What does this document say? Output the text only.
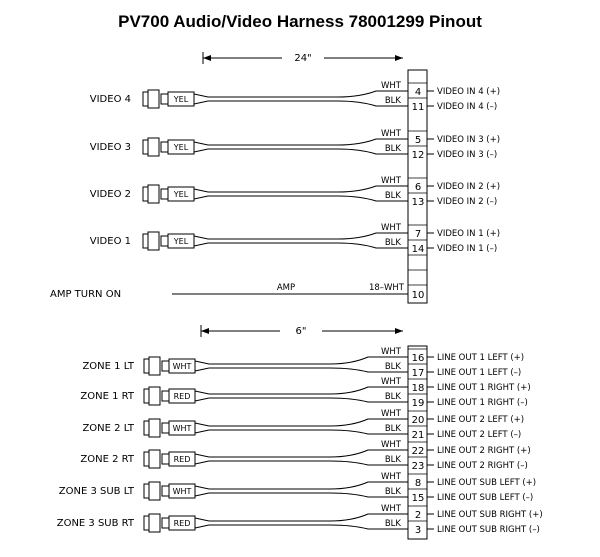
PV700 Audio/Video Harness 78001299 Pinout
24"
6"
VIDEO 4	YEL
WHT
BLK
4
11
VIDEO IN 4 (+)
VIDEO IN 4 (–)
VIDEO 3	YEL
WHT
BLK
5
12
VIDEO IN 3 (+)
VIDEO IN 3 (–)
VIDEO 2	YEL
WHT
BLK
6
13
VIDEO IN 2 (+)
VIDEO IN 2 (–)
VIDEO 1	YEL
WHT
BLK
7
14
VIDEO IN 1 (+)
VIDEO IN 1 (–)
AMP TURN ON
AMP	18–WHT
10
ZONE 1 LT	WHT
WHT
BLK
16
17
LINE OUT 1 LEFT (+)
LINE OUT 1 LEFT (–)
ZONE 1 RT	RED
WHT
BLK
18
19
LINE OUT 1 RIGHT (+)
LINE OUT 1 RIGHT (–)
ZONE 2 LT	WHT
WHT
BLK
20
21
LINE OUT 2 LEFT (+)
LINE OUT 2 LEFT (–)
ZONE 2 RT	RED
WHT
BLK
22
23
LINE OUT 2 RIGHT (+)
LINE OUT 2 RIGHT (–)
ZONE 3 SUB LT	WHT
WHT
BLK
8
15
LINE OUT SUB LEFT (+)
LINE OUT SUB LEFT (–)
ZONE 3 SUB RT	RED
WHT
BLK
2
3
LINE OUT SUB RIGHT (+)
LINE OUT SUB RIGHT (–)
